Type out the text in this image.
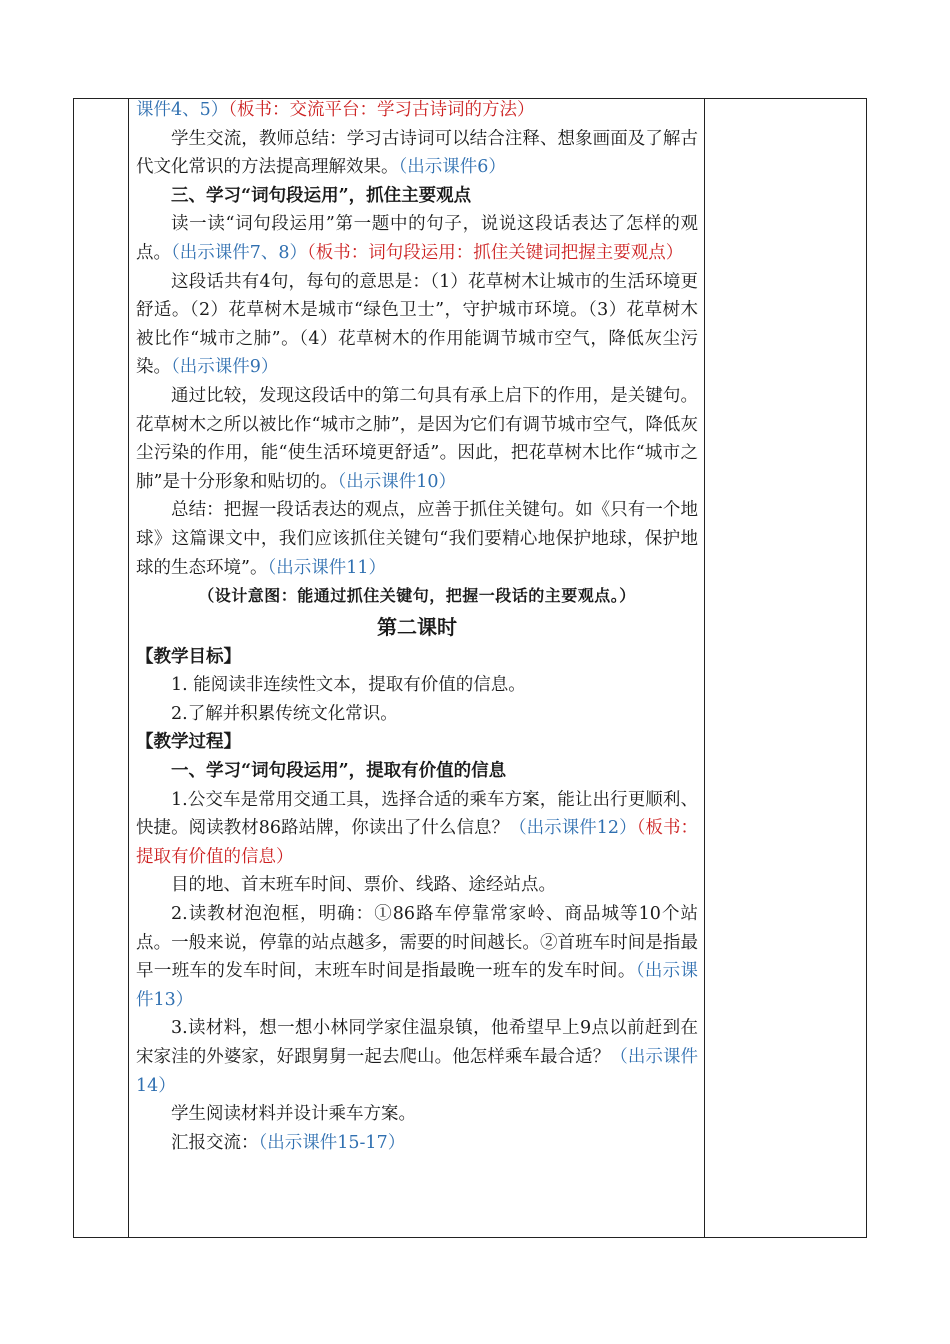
课件4、5）（板书：交流平台：学习古诗词的方法）

学生交流，教师总结：学习古诗词可以结合注释、想象画面及了解古代文化常识的方法提高理解效果。（出示课件6）

三、学习“词句段运用”，抓住主要观点

读一读“词句段运用”第一题中的句子，说说这段话表达了怎样的观点。（出示课件7、8）（板书：词句段运用：抓住关键词把握主要观点）

这段话共有4句，每句的意思是：（1）花草树木让城市的生活环境更舒适。（2）花草树木是城市“绿色卫士”，守护城市环境。（3）花草树木被比作“城市之肺”。（4）花草树木的作用能调节城市空气，降低灰尘污染。（出示课件9）

通过比较，发现这段话中的第二句具有承上启下的作用，是关键句。花草树木之所以被比作“城市之肺”，是因为它们有调节城市空气，降低灰尘污染的作用，能“使生活环境更舒适”。因此，把花草树木比作“城市之肺”是十分形象和贴切的。（出示课件10）

总结：把握一段话表达的观点，应善于抓住关键句。如《只有一个地球》这篇课文中，我们应该抓住关键句“我们要精心地保护地球，保护地球的生态环境”。（出示课件11）

（设计意图：能通过抓住关键句，把握一段话的主要观点。）

第二课时

【教学目标】

1. 能阅读非连续性文本，提取有价值的信息。

2.了解并积累传统文化常识。

【教学过程】

一、学习“词句段运用”，提取有价值的信息

1.公交车是常用交通工具，选择合适的乘车方案，能让出行更顺利、快捷。阅读教材86路站牌，你读出了什么信息？（出示课件12）（板书：提取有价值的信息）

目的地、首末班车时间、票价、线路、途经站点。

2.读教材泡泡框，明确：①86路车停靠常家岭、商品城等10个站点。一般来说，停靠的站点越多，需要的时间越长。②首班车时间是指最早一班车的发车时间，末班车时间是指最晚一班车的发车时间。（出示课件13）

3.读材料，想一想小林同学家住温泉镇，他希望早上9点以前赶到在宋家洼的外婆家，好跟舅舅一起去爬山。他怎样乘车最合适？（出示课件14）

学生阅读材料并设计乘车方案。

汇报交流：（出示课件15-17）
